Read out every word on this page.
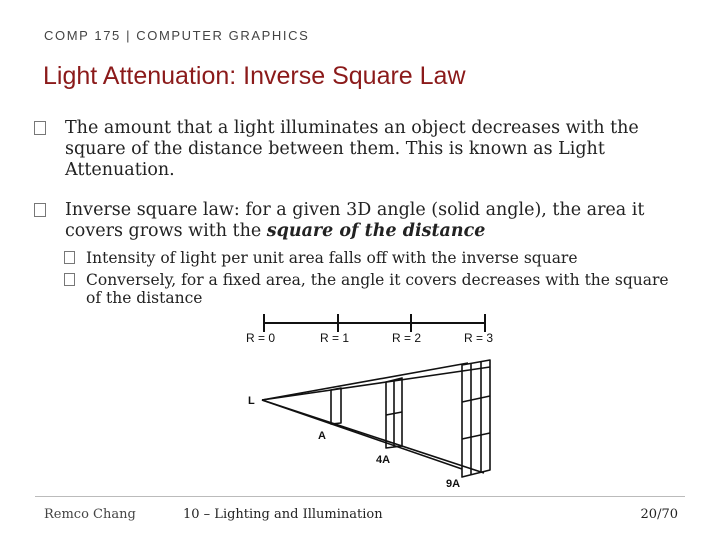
COMP 175 | COMPUTER GRAPHICS
Light Attenuation: Inverse Square Law
The amount that a light illuminates an object decreases with the square of the distance between them. This is known as Light Attenuation.
Inverse square law: for a given 3D angle (solid angle), the area it covers grows with the square of the distance
Intensity of light per unit area falls off with the inverse square
Conversely, for a fixed area, the angle it covers decreases with the square of the distance
R = 0	R = 1	R = 2	R = 3
L
A
4A
9A
Remco Chang	10 – Lighting and Illumination	20/70
